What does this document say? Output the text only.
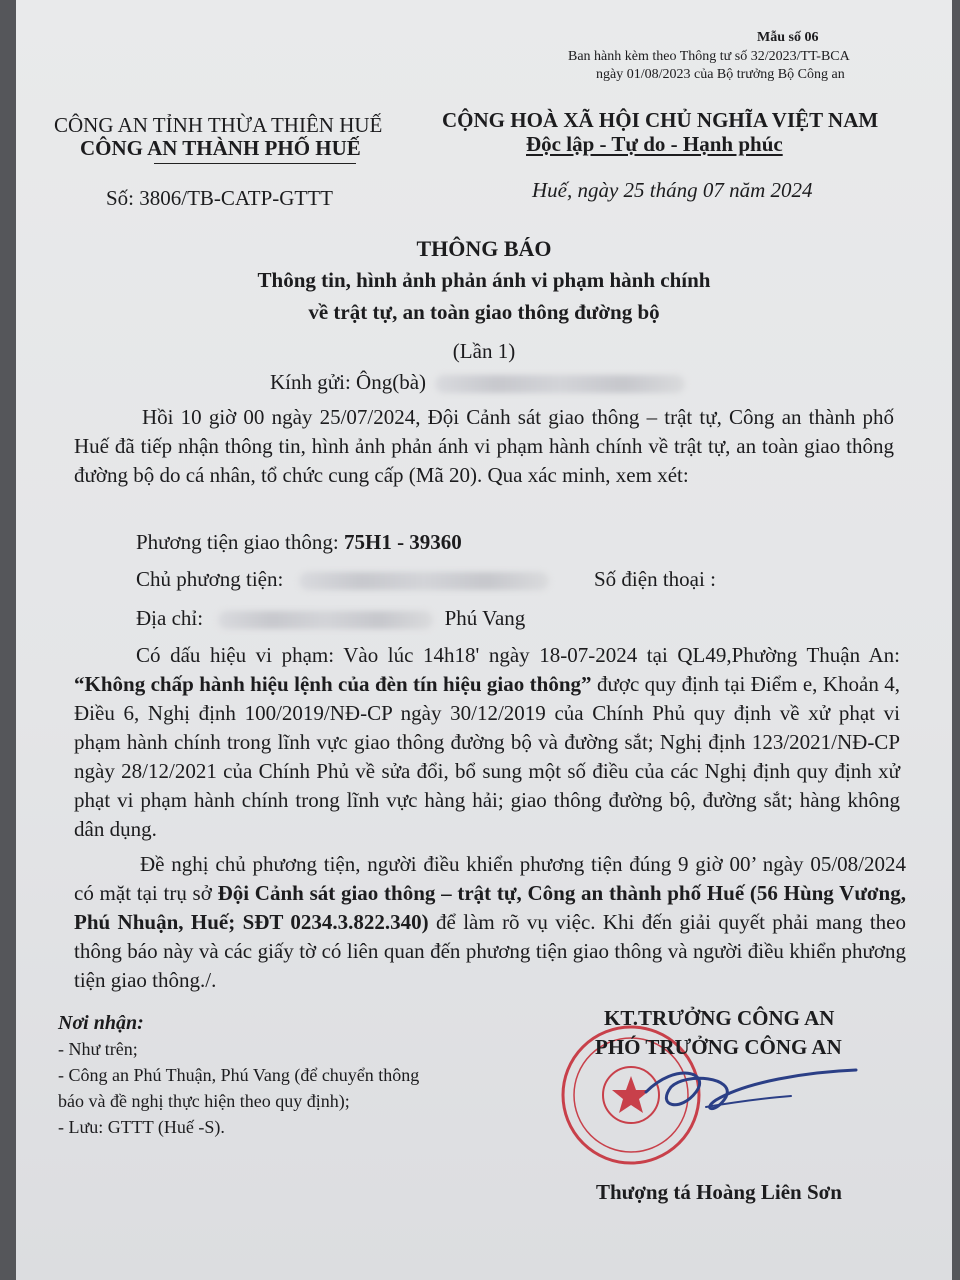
Mẫu số 06
Ban hành kèm theo Thông tư số 32/2023/TT-BCA
ngày 01/08/2023 của Bộ trưởng Bộ Công an
CÔNG AN TỈNH THỪA THIÊN HUẾ
CÔNG AN THÀNH PHỐ HUẾ
Số: 3806/TB-CATP-GTTT
CỘNG HOÀ XÃ HỘI CHỦ NGHĨA VIỆT NAM
Độc lập - Tự do - Hạnh phúc
Huế, ngày 25 tháng 07 năm 2024
THÔNG BÁO
Thông tin, hình ảnh phản ánh vi phạm hành chính
về trật tự, an toàn giao thông đường bộ
(Lần 1)
Kính gửi: Ông(bà)
Hồi 10 giờ 00 ngày 25/07/2024, Đội Cảnh sát giao thông – trật tự, Công an thành phố Huế đã tiếp nhận thông tin, hình ảnh phản ánh vi phạm hành chính về trật tự, an toàn giao thông đường bộ do cá nhân, tổ chức cung cấp (Mã 20). Qua xác minh, xem xét:
Phương tiện giao thông: 75H1 - 39360
Chủ phương tiện:	Số điện thoại :
Địa chỉ:	Phú Vang
Có dấu hiệu vi phạm: Vào lúc 14h18' ngày 18-07-2024 tại QL49,Phường Thuận An: “Không chấp hành hiệu lệnh của đèn tín hiệu giao thông” được quy định tại Điểm e, Khoản 4, Điều 6, Nghị định 100/2019/NĐ-CP ngày 30/12/2019 của Chính Phủ quy định về xử phạt vi phạm hành chính trong lĩnh vực giao thông đường bộ và đường sắt; Nghị định 123/2021/NĐ-CP ngày 28/12/2021 của Chính Phủ về sửa đổi, bổ sung một số điều của các Nghị định quy định xử phạt vi phạm hành chính trong lĩnh vực hàng hải; giao thông đường bộ, đường sắt; hàng không dân dụng.
Đề nghị chủ phương tiện, người điều khiển phương tiện đúng 9 giờ 00’ ngày 05/08/2024 có mặt tại trụ sở Đội Cảnh sát giao thông – trật tự, Công an thành phố Huế (56 Hùng Vương, Phú Nhuận, Huế; SĐT 0234.3.822.340) để làm rõ vụ việc. Khi đến giải quyết phải mang theo thông báo này và các giấy tờ có liên quan đến phương tiện giao thông và người điều khiển phương tiện giao thông./.
Nơi nhận:
- Như trên;
- Công an Phú Thuận, Phú Vang (để chuyển thông
báo và đề nghị thực hiện theo quy định);
- Lưu: GTTT (Huế -S).
KT.TRƯỞNG CÔNG AN
PHÓ TRƯỞNG CÔNG AN
Thượng tá Hoàng Liên Sơn
